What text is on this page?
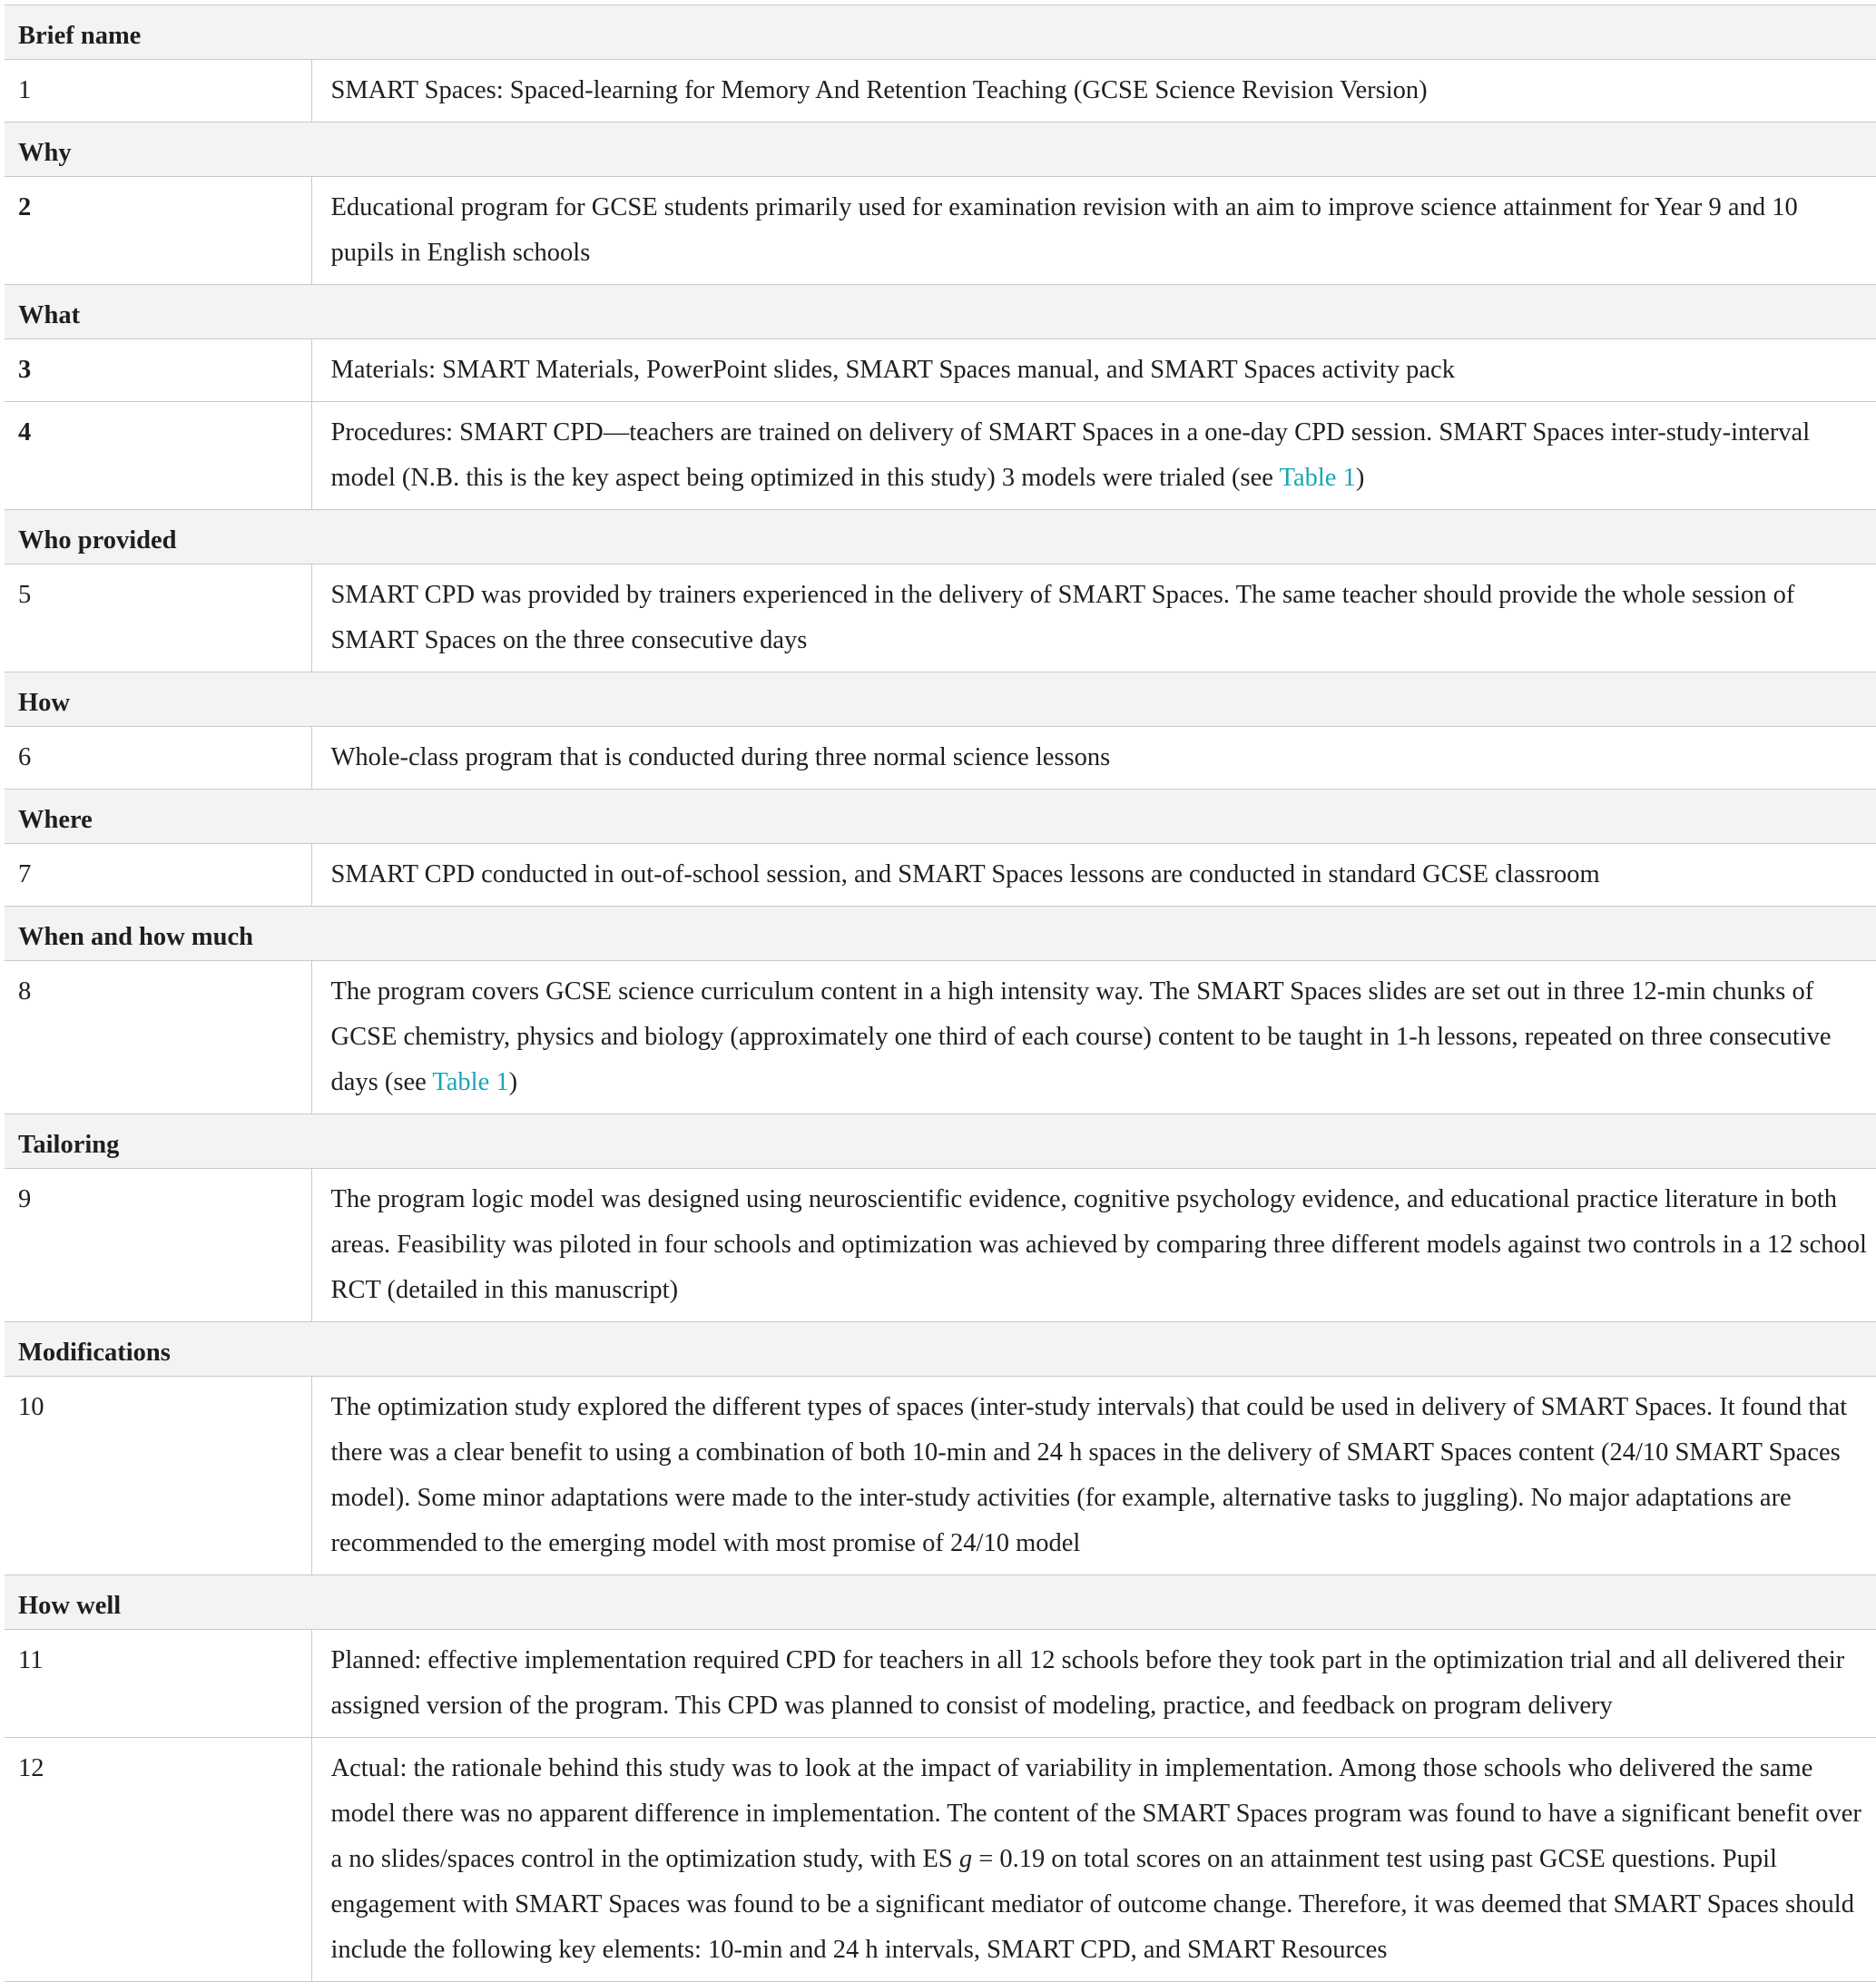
Brief name	
1	SMART Spaces: Spaced-learning for Memory And Retention Teaching (GCSE Science Revision Version)
Why	
2	Educational program for GCSE students primarily used for examination revision with an aim to improve science attainment for Year 9 and 10 pupils in English schools
What	
3	Materials: SMART Materials, PowerPoint slides, SMART Spaces manual, and SMART Spaces activity pack
4	Procedures: SMART CPD—teachers are trained on delivery of SMART Spaces in a one-day CPD session. SMART Spaces inter-study-interval model (N.B. this is the key aspect being optimized in this study) 3 models were trialed (see Table 1)
Who provided	
5	SMART CPD was provided by trainers experienced in the delivery of SMART Spaces. The same teacher should provide the whole session of SMART Spaces on the three consecutive days
How	
6	Whole-class program that is conducted during three normal science lessons
Where	
7	SMART CPD conducted in out-of-school session, and SMART Spaces lessons are conducted in standard GCSE classroom
When and how much	
8	The program covers GCSE science curriculum content in a high intensity way. The SMART Spaces slides are set out in three 12-min chunks of GCSE chemistry, physics and biology (approximately one third of each course) content to be taught in 1-h lessons, repeated on three consecutive days (see Table 1)
Tailoring	
9	The program logic model was designed using neuroscientific evidence, cognitive psychology evidence, and educational practice literature in both areas. Feasibility was piloted in four schools and optimization was achieved by comparing three different models against two controls in a 12 school RCT (detailed in this manuscript)
Modifications	
10	The optimization study explored the different types of spaces (inter-study intervals) that could be used in delivery of SMART Spaces. It found that there was a clear benefit to using a combination of both 10-min and 24 h spaces in the delivery of SMART Spaces content (24/10 SMART Spaces model). Some minor adaptations were made to the inter-study activities (for example, alternative tasks to juggling). No major adaptations are recommended to the emerging model with most promise of 24/10 model
How well	
11	Planned: effective implementation required CPD for teachers in all 12 schools before they took part in the optimization trial and all delivered their assigned version of the program. This CPD was planned to consist of modeling, practice, and feedback on program delivery
12	Actual: the rationale behind this study was to look at the impact of variability in implementation. Among those schools who delivered the same model there was no apparent difference in implementation. The content of the SMART Spaces program was found to have a significant benefit over a no slides/spaces control in the optimization study, with ES g = 0.19 on total scores on an attainment test using past GCSE questions. Pupil engagement with SMART Spaces was found to be a significant mediator of outcome change. Therefore, it was deemed that SMART Spaces should include the following key elements: 10-min and 24 h intervals, SMART CPD, and SMART Resources
